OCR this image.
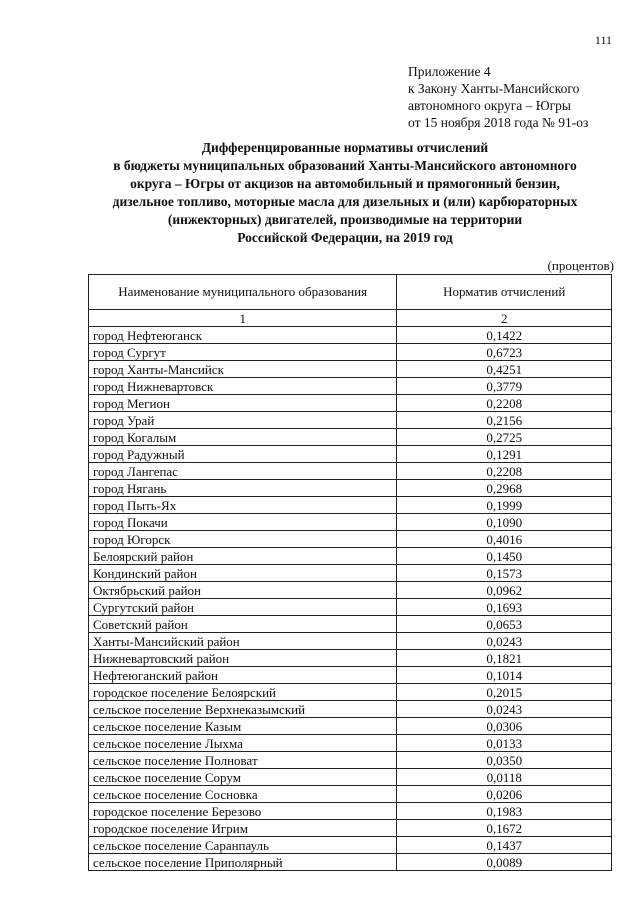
111
Приложение 4
к Закону Ханты-Мансийского
автономного округа – Югры
от 15 ноября 2018 года № 91-оз
Дифференцированные нормативы отчислений
в бюджеты муниципальных образований Ханты-Мансийского автономного
округа – Югры от акцизов на автомобильный и прямогонный бензин,
дизельное топливо, моторные масла для дизельных и (или) карбюраторных
(инжекторных) двигателей, производимые на территории
Российской Федерации, на 2019 год
(процентов)
Наименование муниципального образования	Норматив отчислений
1	2
город Нефтеюганск	0,1422
город Сургут	0,6723
город Ханты-Мансийск	0,4251
город Нижневартовск	0,3779
город Мегион	0,2208
город Урай	0,2156
город Когалым	0,2725
город Радужный	0,1291
город Лангепас	0,2208
город Нягань	0,2968
город Пыть-Ях	0,1999
город Покачи	0,1090
город Югорск	0,4016
Белоярский район	0,1450
Кондинский район	0,1573
Октябрьский район	0,0962
Сургутский район	0,1693
Советский район	0,0653
Ханты-Мансийский район	0,0243
Нижневартовский район	0,1821
Нефтеюганский район	0,1014
городское поселение Белоярский	0,2015
сельское поселение Верхнеказымский	0,0243
сельское поселение Казым	0,0306
сельское поселение Лыхма	0,0133
сельское поселение Полноват	0,0350
сельское поселение Сорум	0,0118
сельское поселение Сосновка	0,0206
городское поселение Березово	0,1983
городское поселение Игрим	0,1672
сельское поселение Саранпауль	0,1437
сельское поселение Приполярный	0,0089
